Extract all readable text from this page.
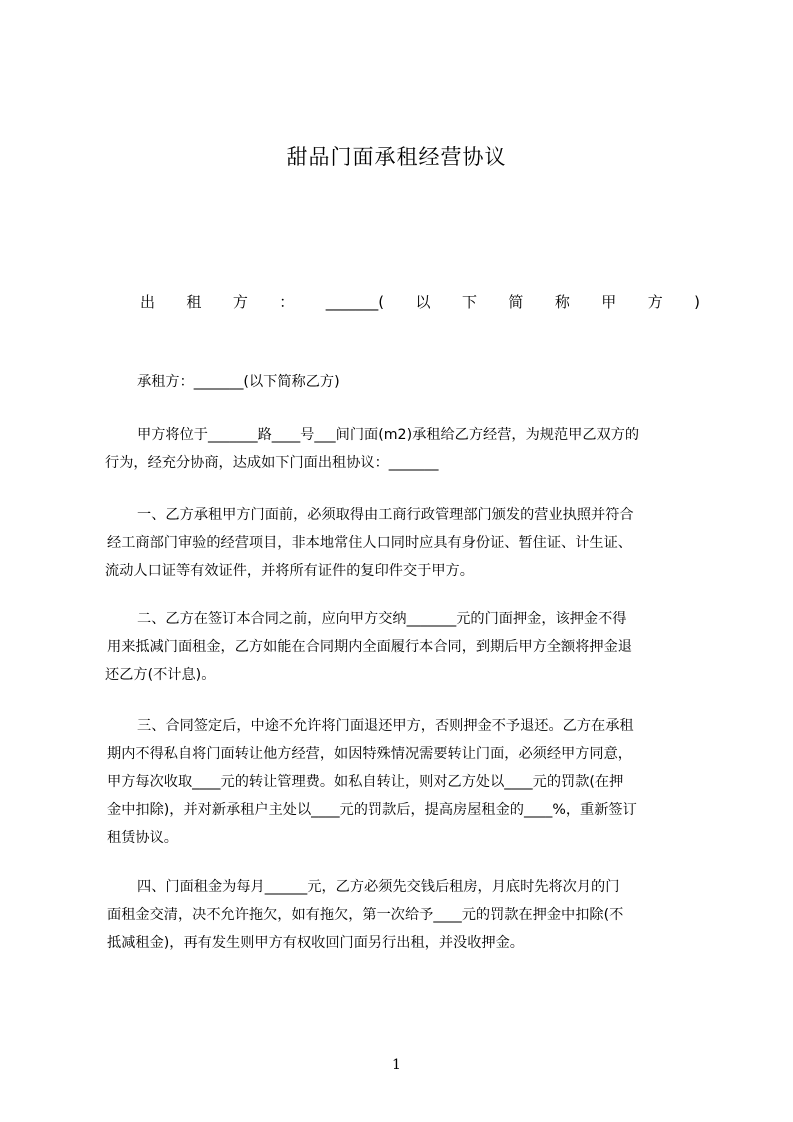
甜品门面承租经营协议
出租方：_______(以下简称甲方)
承租方：_______(以下简称乙方)
甲方将位于_______路____号___间门面(m2)承租给乙方经营，为规范甲乙双方的
行为，经充分协商，达成如下门面出租协议：_______
一、乙方承租甲方门面前，必须取得由工商行政管理部门颁发的营业执照并符合
经工商部门审验的经营项目，非本地常住人口同时应具有身份证、暂住证、计生证、
流动人口证等有效证件，并将所有证件的复印件交于甲方。
二、乙方在签订本合同之前，应向甲方交纳_______元的门面押金，该押金不得
用来抵减门面租金，乙方如能在合同期内全面履行本合同，到期后甲方全额将押金退
还乙方(不计息)。
三、合同签定后，中途不允许将门面退还甲方，否则押金不予退还。乙方在承租
期内不得私自将门面转让他方经营，如因特殊情况需要转让门面，必须经甲方同意，
甲方每次收取____元的转让管理费。如私自转让，则对乙方处以____元的罚款(在押
金中扣除)，并对新承租户主处以____元的罚款后，提高房屋租金的____%，重新签订
租赁协议。
四、门面租金为每月______元，乙方必须先交钱后租房，月底时先将次月的门
面租金交清，决不允许拖欠，如有拖欠，第一次给予____元的罚款在押金中扣除(不
抵减租金)，再有发生则甲方有权收回门面另行出租，并没收押金。
1
